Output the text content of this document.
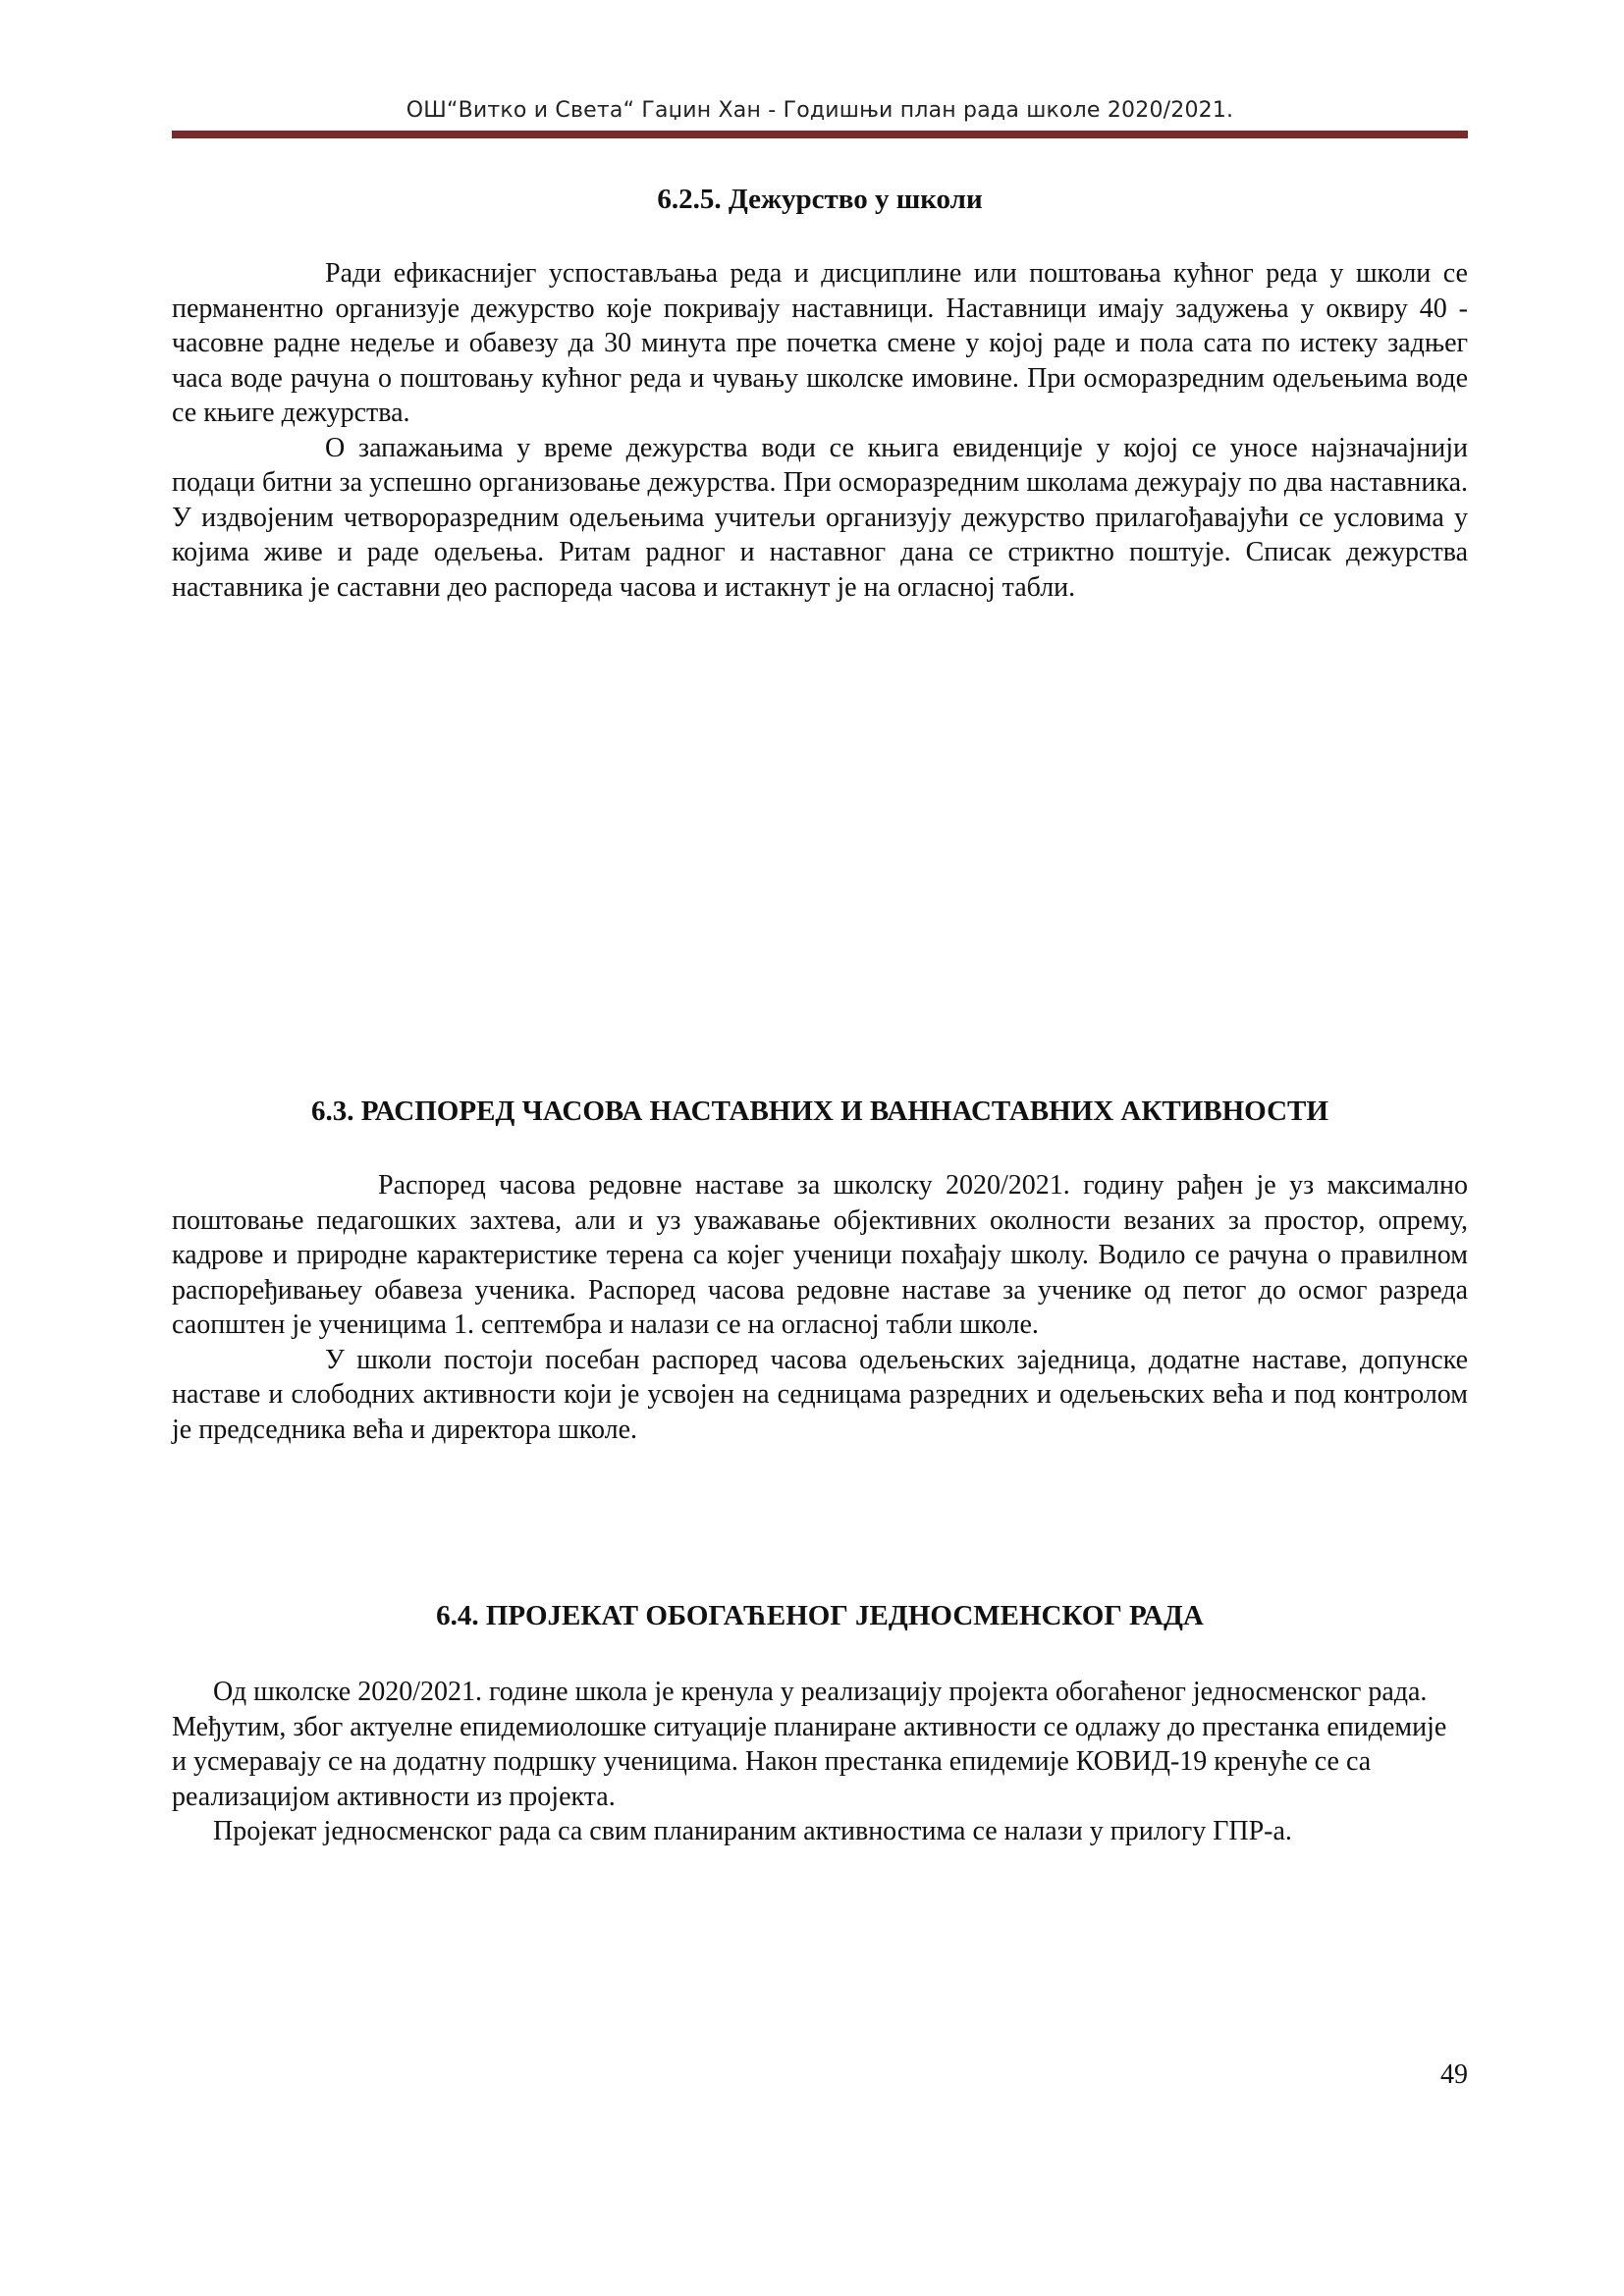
ОШ“Витко и Света“ Гаџин Хан - Годишњи план рада школе 2020/2021.
6.2.5. Дежурство у школи

Ради ефикаснијег успостављања реда и дисциплине или поштовања кућног реда у школи се перманентно организује дежурство које покривају наставници. Наставници имају задужења у оквиру 40 - часовне радне недеље и обавезу да 30 минута пре почетка смене у којој раде и пола сата по истеку задњег часа воде рачуна о поштовању кућног реда и чувању школске имовине. При осморазредним одељењима воде се књиге дежурства.

О запажањима у време дежурства води се књига евиденције у којој се уносе најзначајнији подаци битни за успешно организовање дежурства. При осморазредним школама дежурају по два наставника. У издвојеним четвороразредним одељењима учитељи организују дежурство прилагођавајући се условима у којима живе и раде одељења. Ритам радног и наставног дана се стриктно поштује. Списак дежурства наставника је саставни део распореда часова и истакнут је на огласној табли.

6.3. РАСПОРЕД ЧАСОВА НАСТАВНИХ И ВАННАСТАВНИХ АКТИВНОСТИ

Распоред часова редовне наставе за школску 2020/2021. годину рађен је уз максимално поштовање педагошких захтева, али и уз уважавање објективних околности везаних за простор, опрему, кадрове и природне карактеристике терена са којег ученици похађају школу. Водило се рачуна о правилном распоређивањеу обавеза ученика. Распоред часова редовне наставе за ученике од петог до осмог разреда саопштен је ученицима 1. септембра и налази се на огласној табли школе.

У школи постоји посебан распоред часова одељењских заједница, додатне наставе, допунске наставе и слободних активности који је усвојен на седницама разредних и одељењских већа и под контролом је председника већа и директора школе.

6.4. ПРОЈЕКАТ ОБОГАЋЕНОГ ЈЕДНОСМЕНСКОГ РАДА

Од школске 2020/2021. године школа је кренула у реализацију пројекта обогаћеног једносменског рада. Међутим, због актуелне епидемиолошке ситуације планиране активности се одлажу до престанка епидемије и усмеравају се на додатну подршку ученицима. Након престанка епидемије КОВИД-19 кренуће се са реализацијом активности из пројекта.

Пројекат једносменског рада са свим планираним активностима се налази у прилогу ГПР-а.

49
